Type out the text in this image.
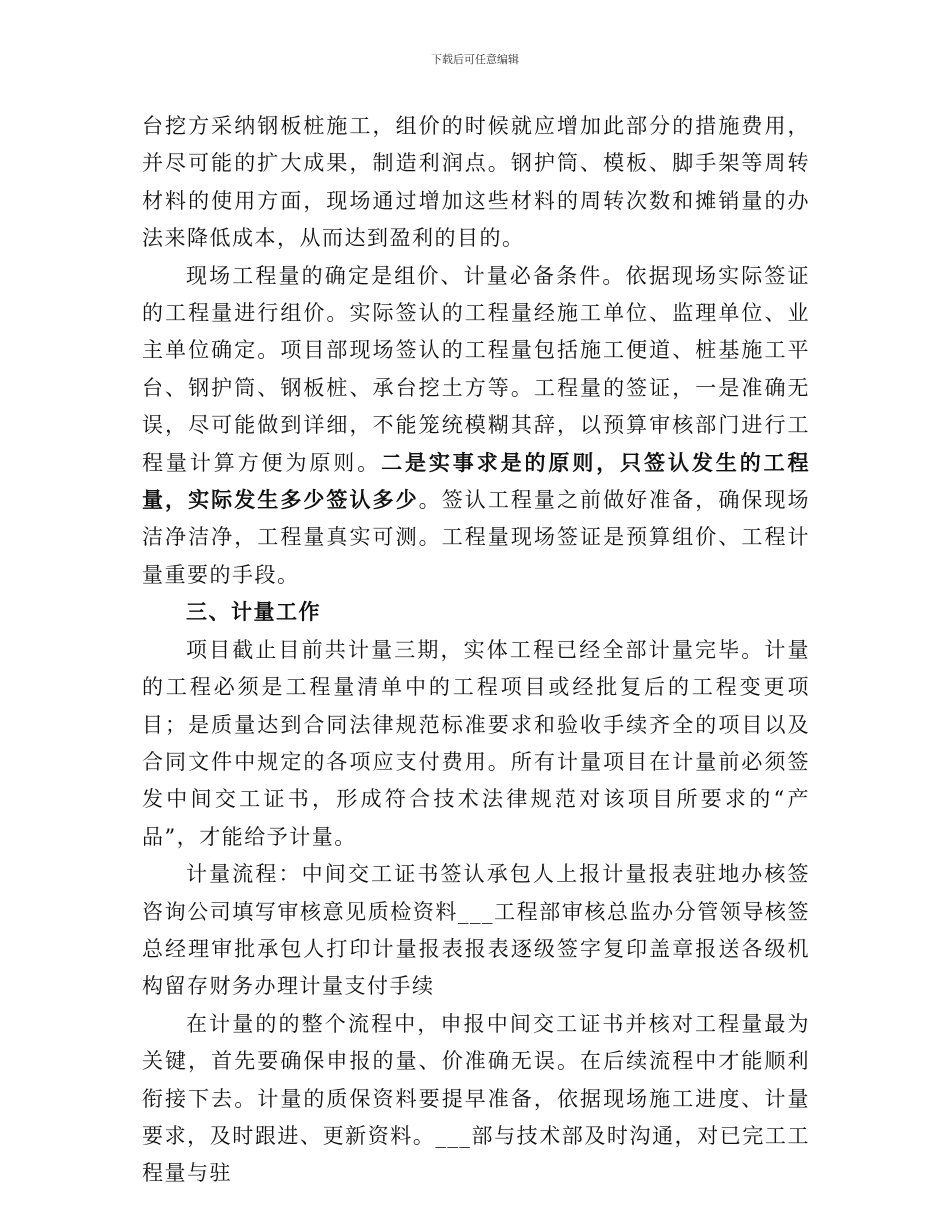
下载后可任意编辑

台挖方采纳钢板桩施工，组价的时候就应增加此部分的措施费用，并尽可能的扩大成果，制造利润点。钢护筒、模板、脚手架等周转材料的使用方面，现场通过增加这些材料的周转次数和摊销量的办法来降低成本，从而达到盈利的目的。

现场工程量的确定是组价、计量必备条件。依据现场实际签证的工程量进行组价。实际签认的工程量经施工单位、监理单位、业主单位确定。项目部现场签认的工程量包括施工便道、桩基施工平台、钢护筒、钢板桩、承台挖土方等。工程量的签证，一是准确无误，尽可能做到详细，不能笼统模糊其辞，以预算审核部门进行工程量计算方便为原则。二是实事求是的原则，只签认发生的工程量，实际发生多少签认多少。签认工程量之前做好准备，确保现场洁净洁净，工程量真实可测。工程量现场签证是预算组价、工程计量重要的手段。

三、计量工作

项目截止目前共计量三期，实体工程已经全部计量完毕。计量的工程必须是工程量清单中的工程项目或经批复后的工程变更项目；是质量达到合同法律规范标准要求和验收手续齐全的项目以及合同文件中规定的各项应支付费用。所有计量项目在计量前必须签发中间交工证书，形成符合技术法律规范对该项目所要求的“产品”，才能给予计量。

计量流程：中间交工证书签认承包人上报计量报表驻地办核签咨询公司填写审核意见质检资料___工程部审核总监办分管领导核签总经理审批承包人打印计量报表报表逐级签字复印盖章报送各级机构留存财务办理计量支付手续

在计量的的整个流程中，申报中间交工证书并核对工程量最为关键，首先要确保申报的量、价准确无误。在后续流程中才能顺利衔接下去。计量的质保资料要提早准备，依据现场施工进度、计量要求，及时跟进、更新资料。___部与技术部及时沟通，对已完工工程量与驻
